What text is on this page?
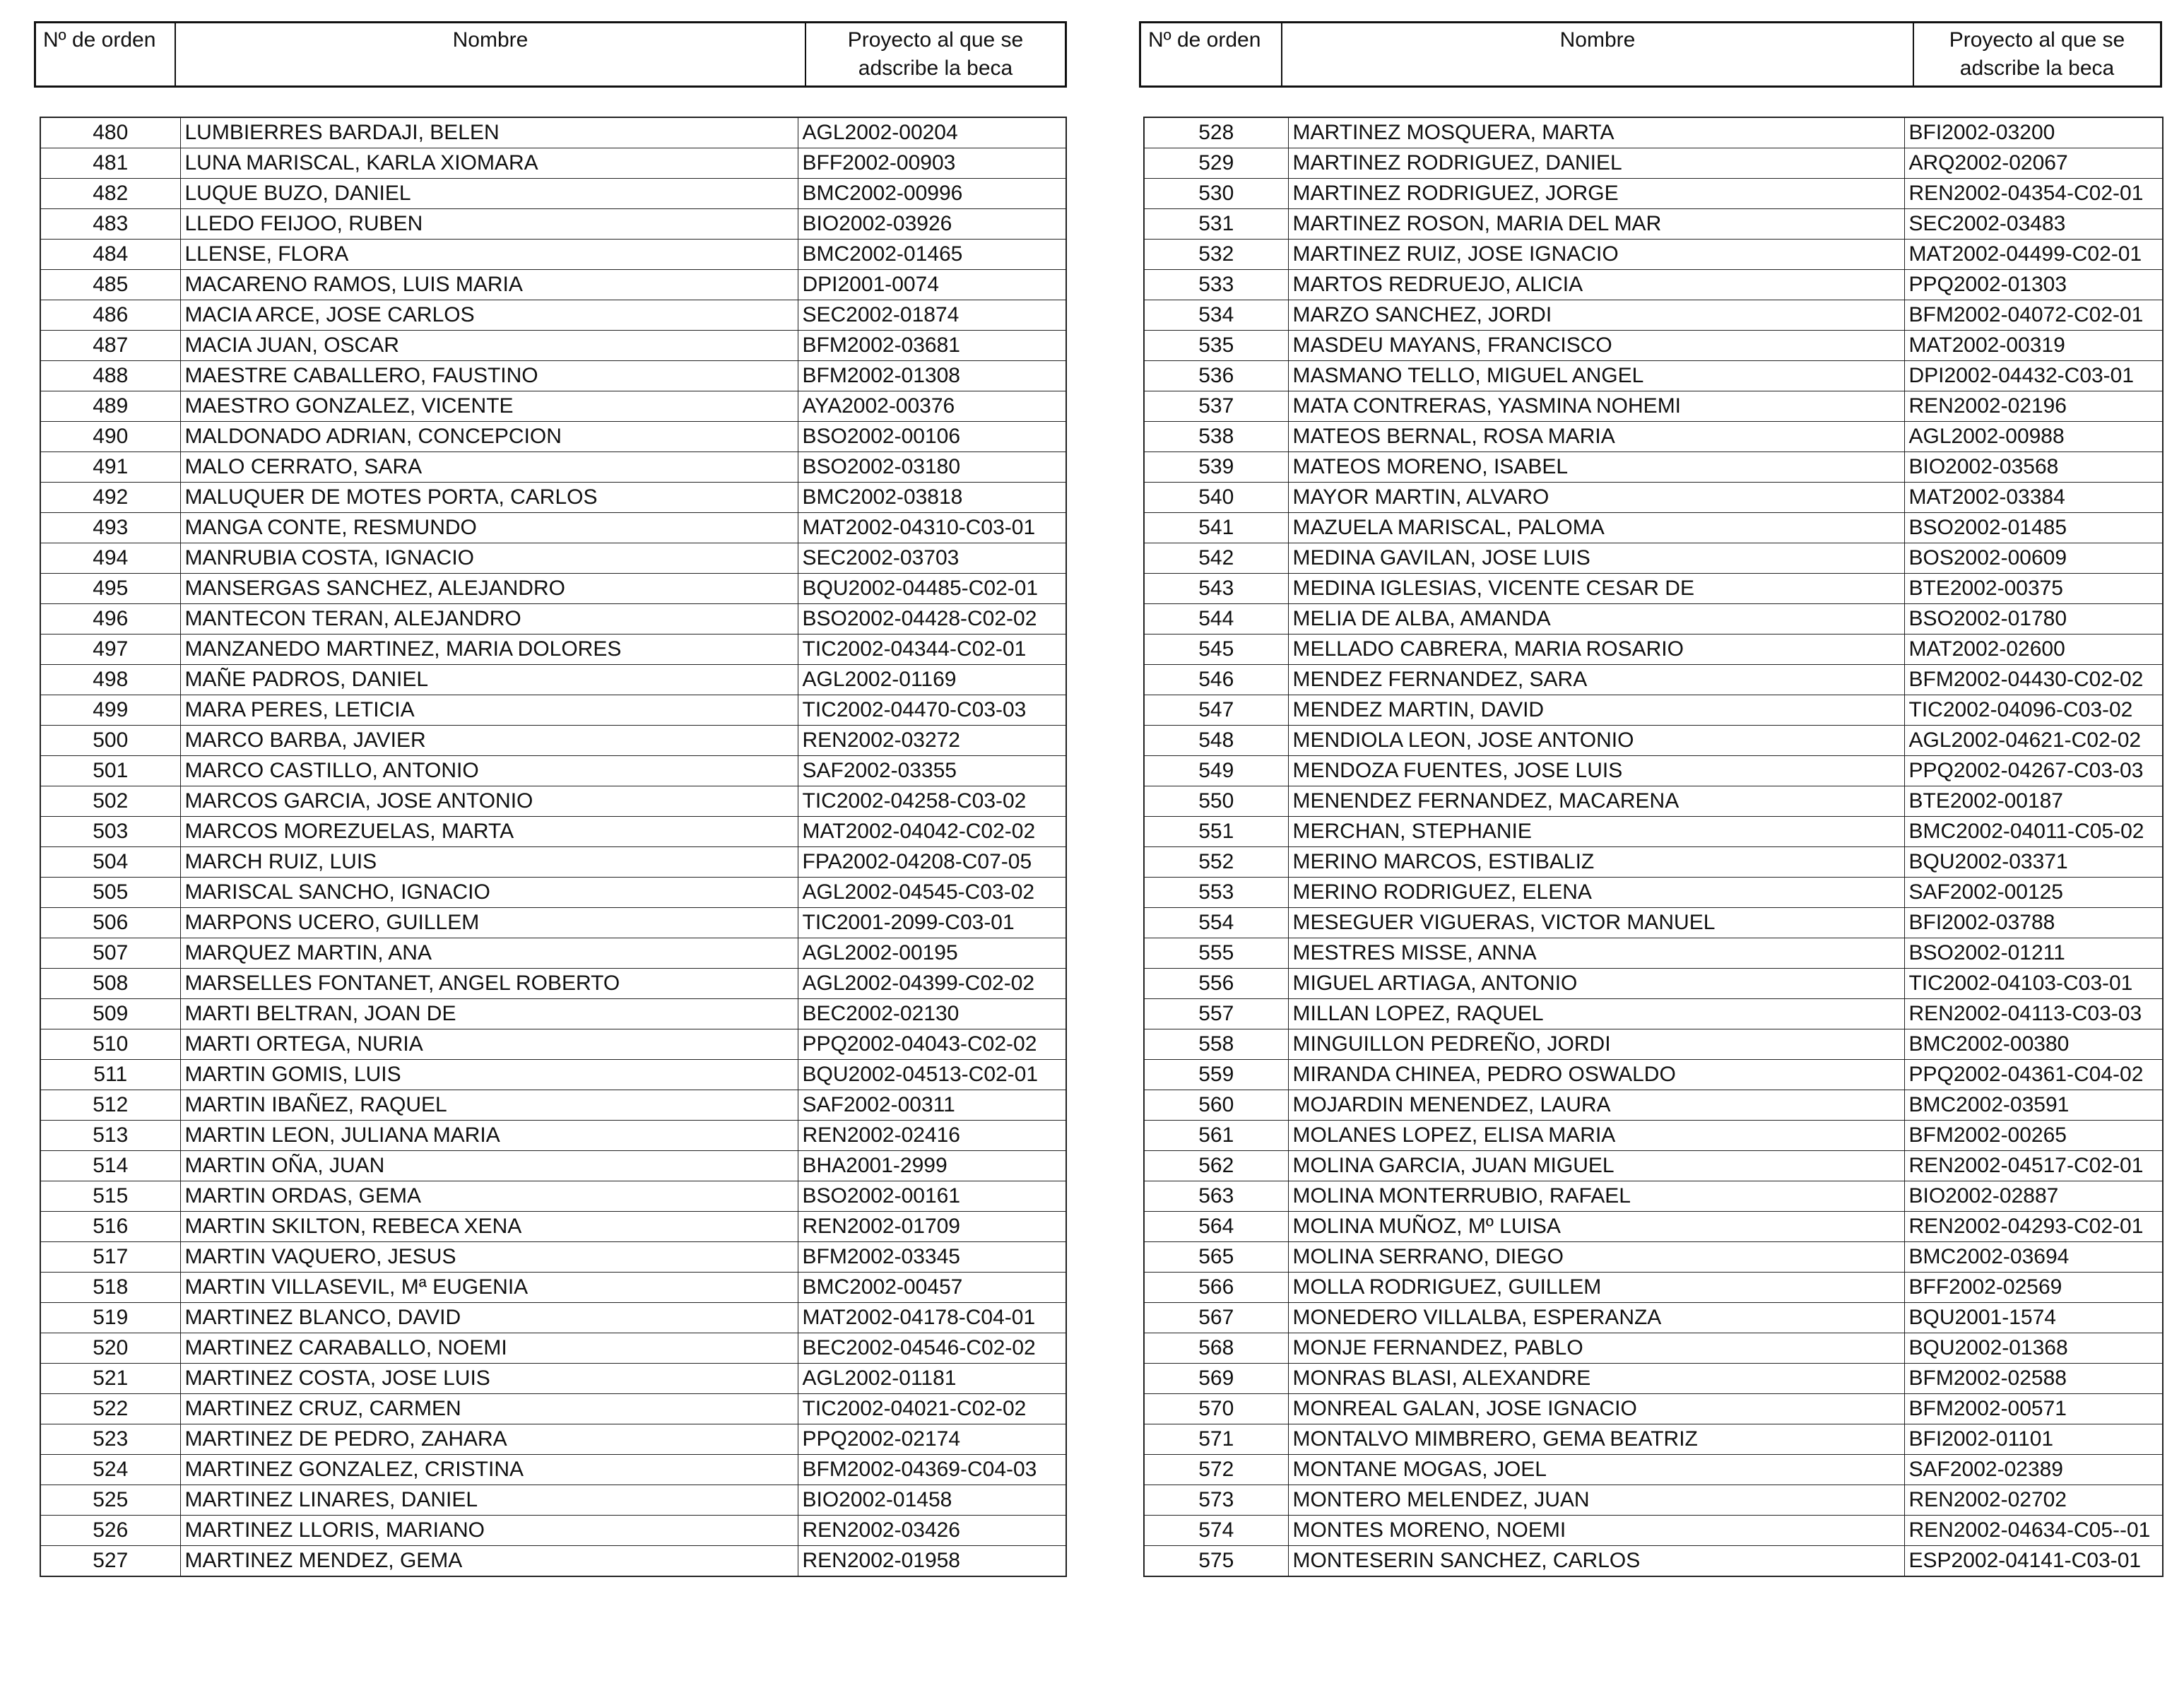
Nº de orden	Nombre	Proyecto al que se adscribe la beca
480	LUMBIERRES BARDAJI, BELEN	AGL2002-00204
481	LUNA MARISCAL, KARLA XIOMARA	BFF2002-00903
482	LUQUE BUZO, DANIEL	BMC2002-00996
483	LLEDO FEIJOO, RUBEN	BIO2002-03926
484	LLENSE, FLORA	BMC2002-01465
485	MACARENO RAMOS, LUIS MARIA	DPI2001-0074
486	MACIA ARCE, JOSE CARLOS	SEC2002-01874
487	MACIA JUAN, OSCAR	BFM2002-03681
488	MAESTRE CABALLERO, FAUSTINO	BFM2002-01308
489	MAESTRO GONZALEZ, VICENTE	AYA2002-00376
490	MALDONADO ADRIAN, CONCEPCION	BSO2002-00106
491	MALO CERRATO, SARA	BSO2002-03180
492	MALUQUER DE MOTES PORTA, CARLOS	BMC2002-03818
493	MANGA CONTE, RESMUNDO	MAT2002-04310-C03-01
494	MANRUBIA COSTA, IGNACIO	SEC2002-03703
495	MANSERGAS SANCHEZ, ALEJANDRO	BQU2002-04485-C02-01
496	MANTECON TERAN, ALEJANDRO	BSO2002-04428-C02-02
497	MANZANEDO MARTINEZ, MARIA DOLORES	TIC2002-04344-C02-01
498	MAÑE PADROS, DANIEL	AGL2002-01169
499	MARA PERES, LETICIA	TIC2002-04470-C03-03
500	MARCO BARBA, JAVIER	REN2002-03272
501	MARCO CASTILLO, ANTONIO	SAF2002-03355
502	MARCOS GARCIA, JOSE ANTONIO	TIC2002-04258-C03-02
503	MARCOS MOREZUELAS, MARTA	MAT2002-04042-C02-02
504	MARCH RUIZ, LUIS	FPA2002-04208-C07-05
505	MARISCAL SANCHO, IGNACIO	AGL2002-04545-C03-02
506	MARPONS UCERO, GUILLEM	TIC2001-2099-C03-01
507	MARQUEZ MARTIN, ANA	AGL2002-00195
508	MARSELLES FONTANET, ANGEL ROBERTO	AGL2002-04399-C02-02
509	MARTI BELTRAN, JOAN DE	BEC2002-02130
510	MARTI ORTEGA, NURIA	PPQ2002-04043-C02-02
511	MARTIN GOMIS, LUIS	BQU2002-04513-C02-01
512	MARTIN IBAÑEZ, RAQUEL	SAF2002-00311
513	MARTIN LEON, JULIANA MARIA	REN2002-02416
514	MARTIN OÑA, JUAN	BHA2001-2999
515	MARTIN ORDAS, GEMA	BSO2002-00161
516	MARTIN SKILTON, REBECA XENA	REN2002-01709
517	MARTIN VAQUERO, JESUS	BFM2002-03345
518	MARTIN VILLASEVIL, Mª EUGENIA	BMC2002-00457
519	MARTINEZ BLANCO, DAVID	MAT2002-04178-C04-01
520	MARTINEZ CARABALLO, NOEMI	BEC2002-04546-C02-02
521	MARTINEZ COSTA, JOSE LUIS	AGL2002-01181
522	MARTINEZ CRUZ, CARMEN	TIC2002-04021-C02-02
523	MARTINEZ DE PEDRO, ZAHARA	PPQ2002-02174
524	MARTINEZ GONZALEZ, CRISTINA	BFM2002-04369-C04-03
525	MARTINEZ LINARES, DANIEL	BIO2002-01458
526	MARTINEZ LLORIS, MARIANO	REN2002-03426
527	MARTINEZ MENDEZ, GEMA	REN2002-01958
Nº de orden	Nombre	Proyecto al que se adscribe la beca
528	MARTINEZ MOSQUERA, MARTA	BFI2002-03200
529	MARTINEZ RODRIGUEZ, DANIEL	ARQ2002-02067
530	MARTINEZ RODRIGUEZ, JORGE	REN2002-04354-C02-01
531	MARTINEZ ROSON, MARIA DEL MAR	SEC2002-03483
532	MARTINEZ RUIZ, JOSE IGNACIO	MAT2002-04499-C02-01
533	MARTOS REDRUEJO, ALICIA	PPQ2002-01303
534	MARZO SANCHEZ, JORDI	BFM2002-04072-C02-01
535	MASDEU MAYANS, FRANCISCO	MAT2002-00319
536	MASMANO TELLO, MIGUEL ANGEL	DPI2002-04432-C03-01
537	MATA CONTRERAS, YASMINA NOHEMI	REN2002-02196
538	MATEOS BERNAL, ROSA MARIA	AGL2002-00988
539	MATEOS MORENO, ISABEL	BIO2002-03568
540	MAYOR MARTIN, ALVARO	MAT2002-03384
541	MAZUELA MARISCAL, PALOMA	BSO2002-01485
542	MEDINA GAVILAN, JOSE LUIS	BOS2002-00609
543	MEDINA IGLESIAS, VICENTE CESAR DE	BTE2002-00375
544	MELIA DE ALBA, AMANDA	BSO2002-01780
545	MELLADO CABRERA, MARIA ROSARIO	MAT2002-02600
546	MENDEZ FERNANDEZ, SARA	BFM2002-04430-C02-02
547	MENDEZ MARTIN, DAVID	TIC2002-04096-C03-02
548	MENDIOLA LEON, JOSE ANTONIO	AGL2002-04621-C02-02
549	MENDOZA FUENTES, JOSE LUIS	PPQ2002-04267-C03-03
550	MENENDEZ FERNANDEZ, MACARENA	BTE2002-00187
551	MERCHAN, STEPHANIE	BMC2002-04011-C05-02
552	MERINO MARCOS, ESTIBALIZ	BQU2002-03371
553	MERINO RODRIGUEZ, ELENA	SAF2002-00125
554	MESEGUER VIGUERAS, VICTOR MANUEL	BFI2002-03788
555	MESTRES MISSE, ANNA	BSO2002-01211
556	MIGUEL ARTIAGA, ANTONIO	TIC2002-04103-C03-01
557	MILLAN LOPEZ, RAQUEL	REN2002-04113-C03-03
558	MINGUILLON PEDREÑO, JORDI	BMC2002-00380
559	MIRANDA CHINEA, PEDRO OSWALDO	PPQ2002-04361-C04-02
560	MOJARDIN MENENDEZ, LAURA	BMC2002-03591
561	MOLANES LOPEZ, ELISA MARIA	BFM2002-00265
562	MOLINA GARCIA, JUAN MIGUEL	REN2002-04517-C02-01
563	MOLINA MONTERRUBIO, RAFAEL	BIO2002-02887
564	MOLINA MUÑOZ, Mº LUISA	REN2002-04293-C02-01
565	MOLINA SERRANO, DIEGO	BMC2002-03694
566	MOLLA RODRIGUEZ, GUILLEM	BFF2002-02569
567	MONEDERO VILLALBA, ESPERANZA	BQU2001-1574
568	MONJE FERNANDEZ, PABLO	BQU2002-01368
569	MONRAS BLASI, ALEXANDRE	BFM2002-02588
570	MONREAL GALAN, JOSE IGNACIO	BFM2002-00571
571	MONTALVO MIMBRERO, GEMA BEATRIZ	BFI2002-01101
572	MONTANE MOGAS, JOEL	SAF2002-02389
573	MONTERO MELENDEZ, JUAN	REN2002-02702
574	MONTES MORENO, NOEMI	REN2002-04634-C05--01
575	MONTESERIN SANCHEZ, CARLOS	ESP2002-04141-C03-01
